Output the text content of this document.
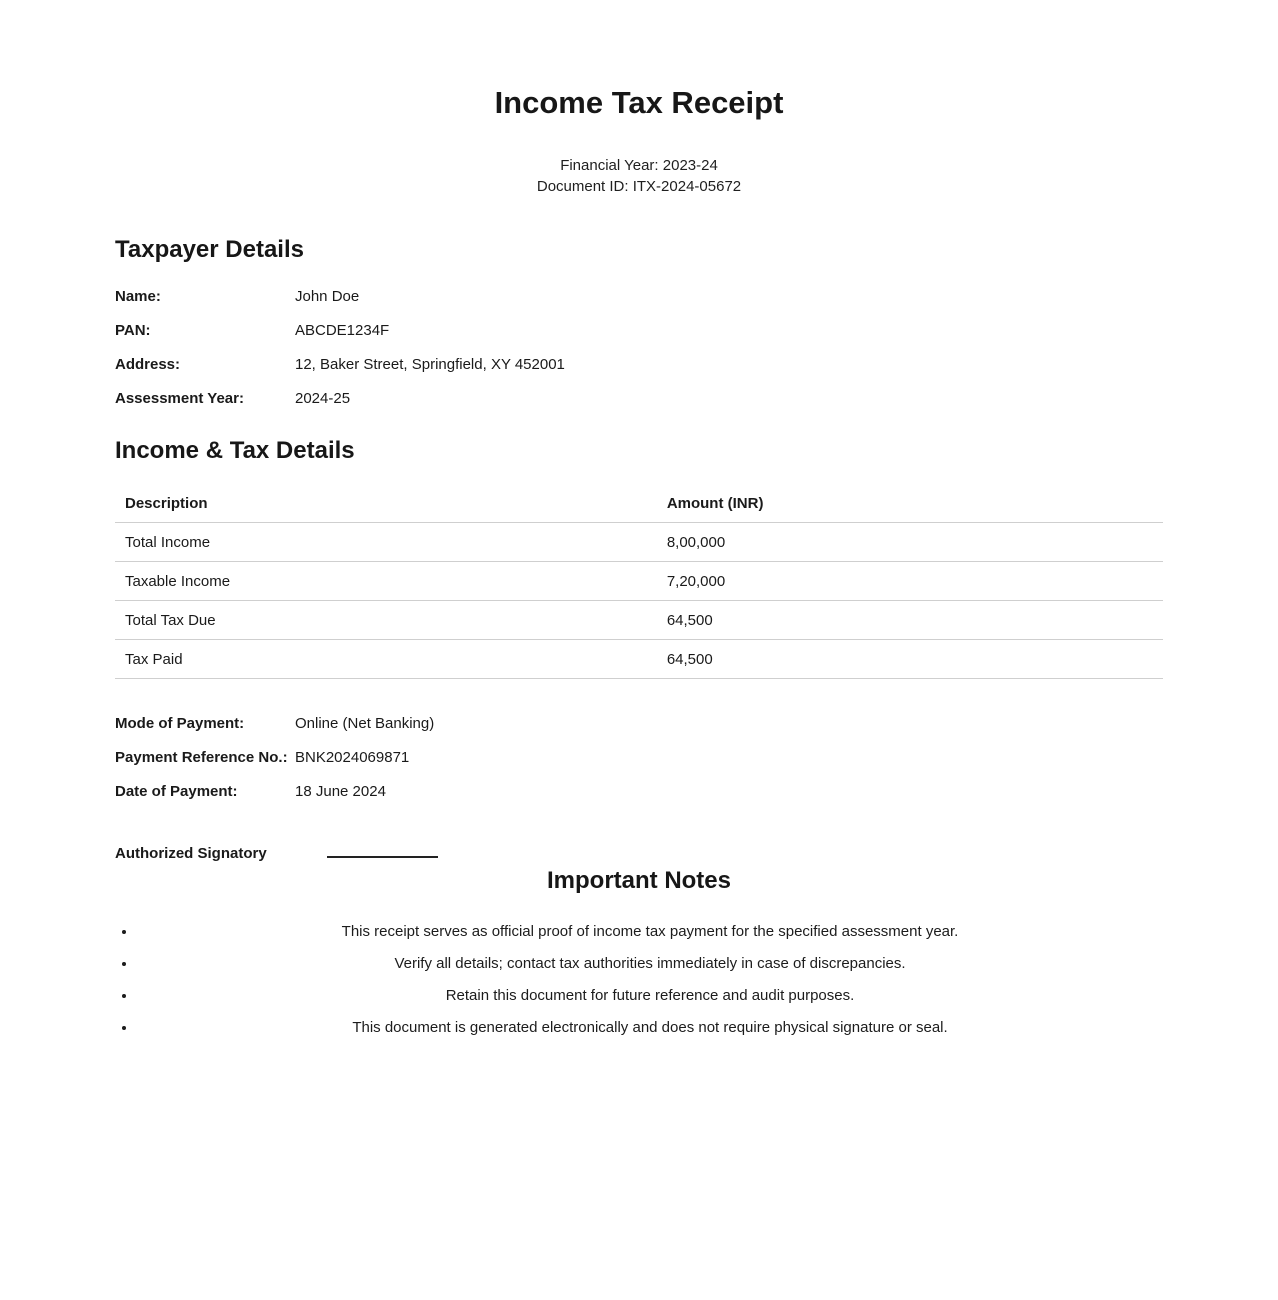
Income Tax Receipt
Financial Year: 2023-24
Document ID: ITX-2024-05672
Taxpayer Details
Name:	John Doe
PAN:	ABCDE1234F
Address:	12, Baker Street, Springfield, XY 452001
Assessment Year:	2024-25
Income & Tax Details
Description	Amount (INR)
Total Income	8,00,000
Taxable Income	7,20,000
Total Tax Due	64,500
Tax Paid	64,500
Mode of Payment:	Online (Net Banking)
Payment Reference No.: BNK2024069871
Date of Payment:	18 June 2024
Authorized Signatory
Important Notes
• This receipt serves as official proof of income tax payment for the specified assessment year.
• Verify all details; contact tax authorities immediately in case of discrepancies.
• Retain this document for future reference and audit purposes.
• This document is generated electronically and does not require physical signature or seal.
